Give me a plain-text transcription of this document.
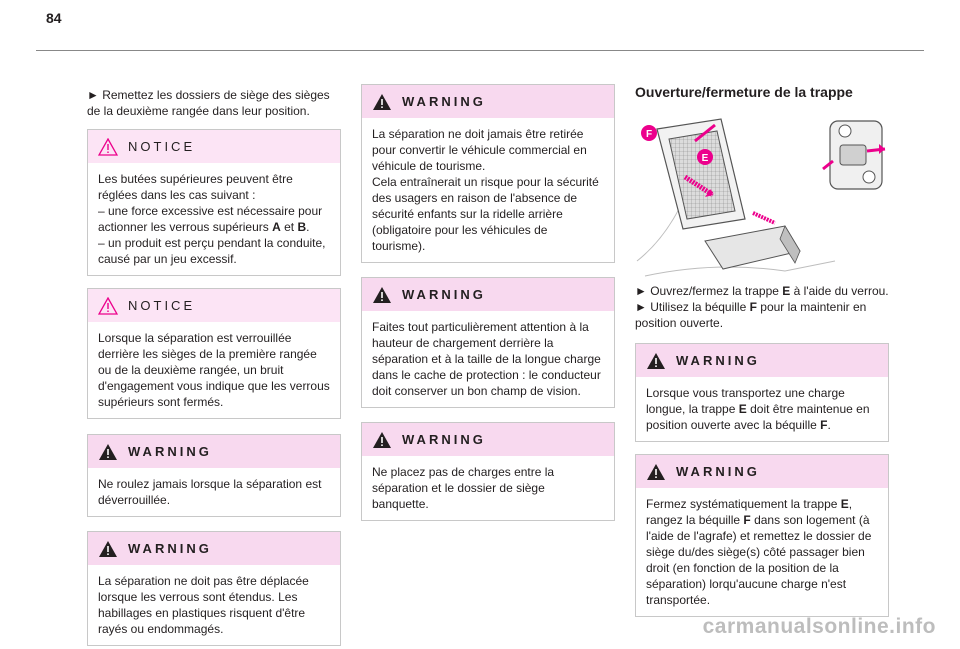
84

► Remettez les dossiers de siège des sièges de la deuxième rangée dans leur position.

NOTICE

Les butées supérieures peuvent être réglées dans les cas suivant :

– une force excessive est nécessaire pour actionner les verrous supérieurs A et B.

– un produit est perçu pendant la conduite, causé par un jeu excessif.

NOTICE

Lorsque la séparation est verrouillée derrière les sièges de la première rangée ou de la deuxième rangée, un bruit d'engagement vous indique que les verrous supérieurs sont fermés.

WARNING

Ne roulez jamais lorsque la séparation est déverrouillée.

WARNING

La séparation ne doit pas être déplacée lorsque les verrous sont étendus. Les habillages en plastiques risquent d'être rayés ou endommagés.

WARNING

La séparation ne doit jamais être retirée pour convertir le véhicule commercial en véhicule de tourisme.

Cela entraînerait un risque pour la sécurité des usagers en raison de l'absence de sécurité enfants sur la ridelle arrière (obligatoire pour les véhicules de tourisme).

WARNING

Faites tout particulièrement attention à la hauteur de chargement derrière la séparation et à la taille de la longue charge dans le cache de protection : le conducteur doit conserver un bon champ de vision.

WARNING

Ne placez pas de charges entre la séparation et le dossier de siège banquette.

Ouverture/fermeture de la trappe

F
E

► Ouvrez/fermez la trappe E à l'aide du verrou.

► Utilisez la béquille F pour la maintenir en position ouverte.

WARNING

Lorsque vous transportez une charge longue, la trappe E doit être maintenue en position ouverte avec la béquille F.

WARNING

Fermez systématiquement la trappe E, rangez la béquille F dans son logement (à l'aide de l'agrafe) et remettez le dossier de siège du/des siège(s) côté passager bien droit (en fonction de la position de la séparation) lorqu'aucune charge n'est transportée.

carmanualsonline.info
